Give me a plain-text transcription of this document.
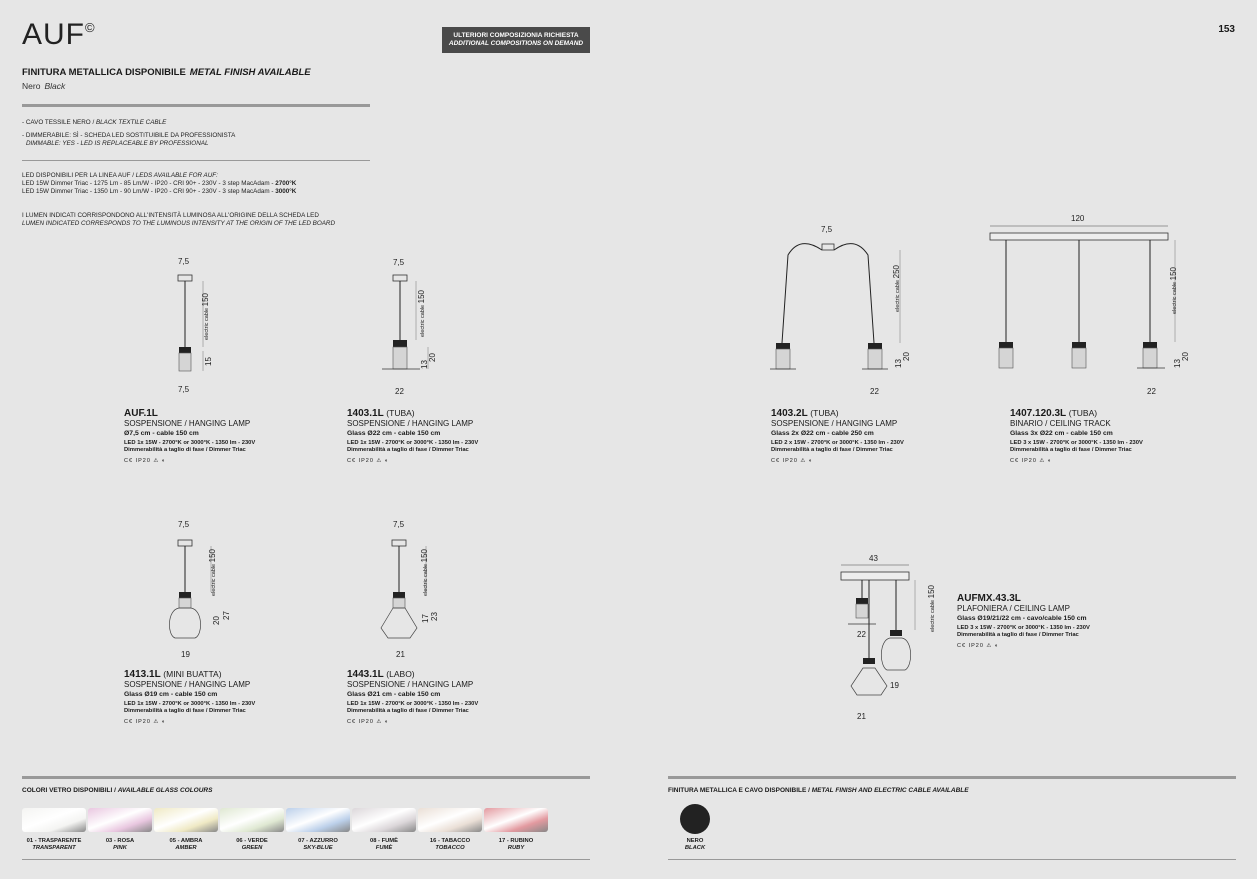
AUF©	153
ULTERIORI COMPOSIZIONIA RICHIESTA
ADDITIONAL COMPOSITIONS ON DEMAND
FINITURA METALLICA DISPONIBILE METAL FINISH AVAILABLE
Nero Black
- CAVO TESSILE NERO / BLACK TEXTILE CABLE
- DIMMERABILE: SÌ - SCHEDA LED SOSTITUIBILE DA PROFESSIONISTA
DIMMABLE: YES - LED IS REPLACEABLE BY PROFESSIONAL
LED DISPONIBILI PER LA LINEA AUF / LEDS AVAILABLE FOR AUF:
LED 15W Dimmer Triac - 1275 Lm - 85 Lm/W - IP20 - CRI 90+ - 230V - 3 step MacAdam - 2700°K
LED 15W Dimmer Triac - 1350 Lm - 90 Lm/W - IP20 - CRI 90+ - 230V - 3 step MacAdam - 3000°K
I LUMEN INDICATI CORRISPONDONO ALL'INTENSITÀ LUMINOSA ALL'ORIGINE DELLA SCHEDA LED
LUMEN INDICATED CORRESPONDS TO THE LUMINOUS INTENSITY AT THE ORIGIN OF THE LED BOARD
7,5
electric cable 150
15
7,5
7,5
electric cable 150
13
20
22
7,5
electric cable 250
13
20
22
120
electric cable 150
13
20
22
7,5
electric cable 150
20
27
19
7,5
electric cable 150
17 23
21
43
electric cable 150
22
19
21
AUF.1L
SOSPENSIONE / HANGING LAMP
Ø7,5 cm - cable 150 cm
LED 1x 15W - 2700°K or 3000°K - 1350 lm - 230V
Dimmerabilità a taglio di fase / Dimmer Triac
C€ IP20 ⚠ ◐
1403.1L (TUBA)
SOSPENSIONE / HANGING LAMP
Glass Ø22 cm - cable 150 cm
LED 1x 15W - 2700°K or 3000°K - 1350 lm - 230V
Dimmerabilità a taglio di fase / Dimmer Triac
C€ IP20 ⚠ ◐
1403.2L (TUBA)
SOSPENSIONE / HANGING LAMP
Glass 2x Ø22 cm - cable 250 cm
LED 2 x 15W - 2700°K or 3000°K - 1350 lm - 230V
Dimmerabilità a taglio di fase / Dimmer Triac
C€ IP20 ⚠ ◐
1407.120.3L (TUBA)
BINARIO / CEILING TRACK
Glass 3x Ø22 cm - cable 150 cm
LED 3 x 15W - 2700°K or 3000°K - 1350 lm - 230V
Dimmerabilità a taglio di fase / Dimmer Triac
C€ IP20 ⚠ ◐
1413.1L (MINI BUATTA)
SOSPENSIONE / HANGING LAMP
Glass Ø19 cm - cable 150 cm
LED 1x 15W - 2700°K or 3000°K - 1350 lm - 230V
Dimmerabilità a taglio di fase / Dimmer Triac
C€ IP20 ⚠ ◐
1443.1L (LABO)
SOSPENSIONE / HANGING LAMP
Glass Ø21 cm - cable 150 cm
LED 1x 15W - 2700°K or 3000°K - 1350 lm - 230V
Dimmerabilità a taglio di fase / Dimmer Triac
C€ IP20 ⚠ ◐
AUFMX.43.3L
PLAFONIERA / CEILING LAMP
Glass Ø19/21/22 cm - cavo/cable 150 cm
LED 3 x 15W - 2700°K or 3000°K - 1350 lm - 230V
Dimmerabilità a taglio di fase / Dimmer Triac
C€ IP20 ⚠ ◐
COLORI VETRO DISPONIBILI / AVAILABLE GLASS COLOURS
01 - TRASPARENTE
TRANSPARENT
03 - ROSA
PINK
05 - AMBRA
AMBER
06 - VERDE
GREEN
07 - AZZURRO
SKY-BLUE
08 - FUMÈ
FUMÈ
16 - TABACCO
TOBACCO
17 - RUBINO
RUBY
FINITURA METALLICA E CAVO DISPONIBILE / METAL FINISH AND ELECTRIC CABLE AVAILABLE
NERO
BLACK
